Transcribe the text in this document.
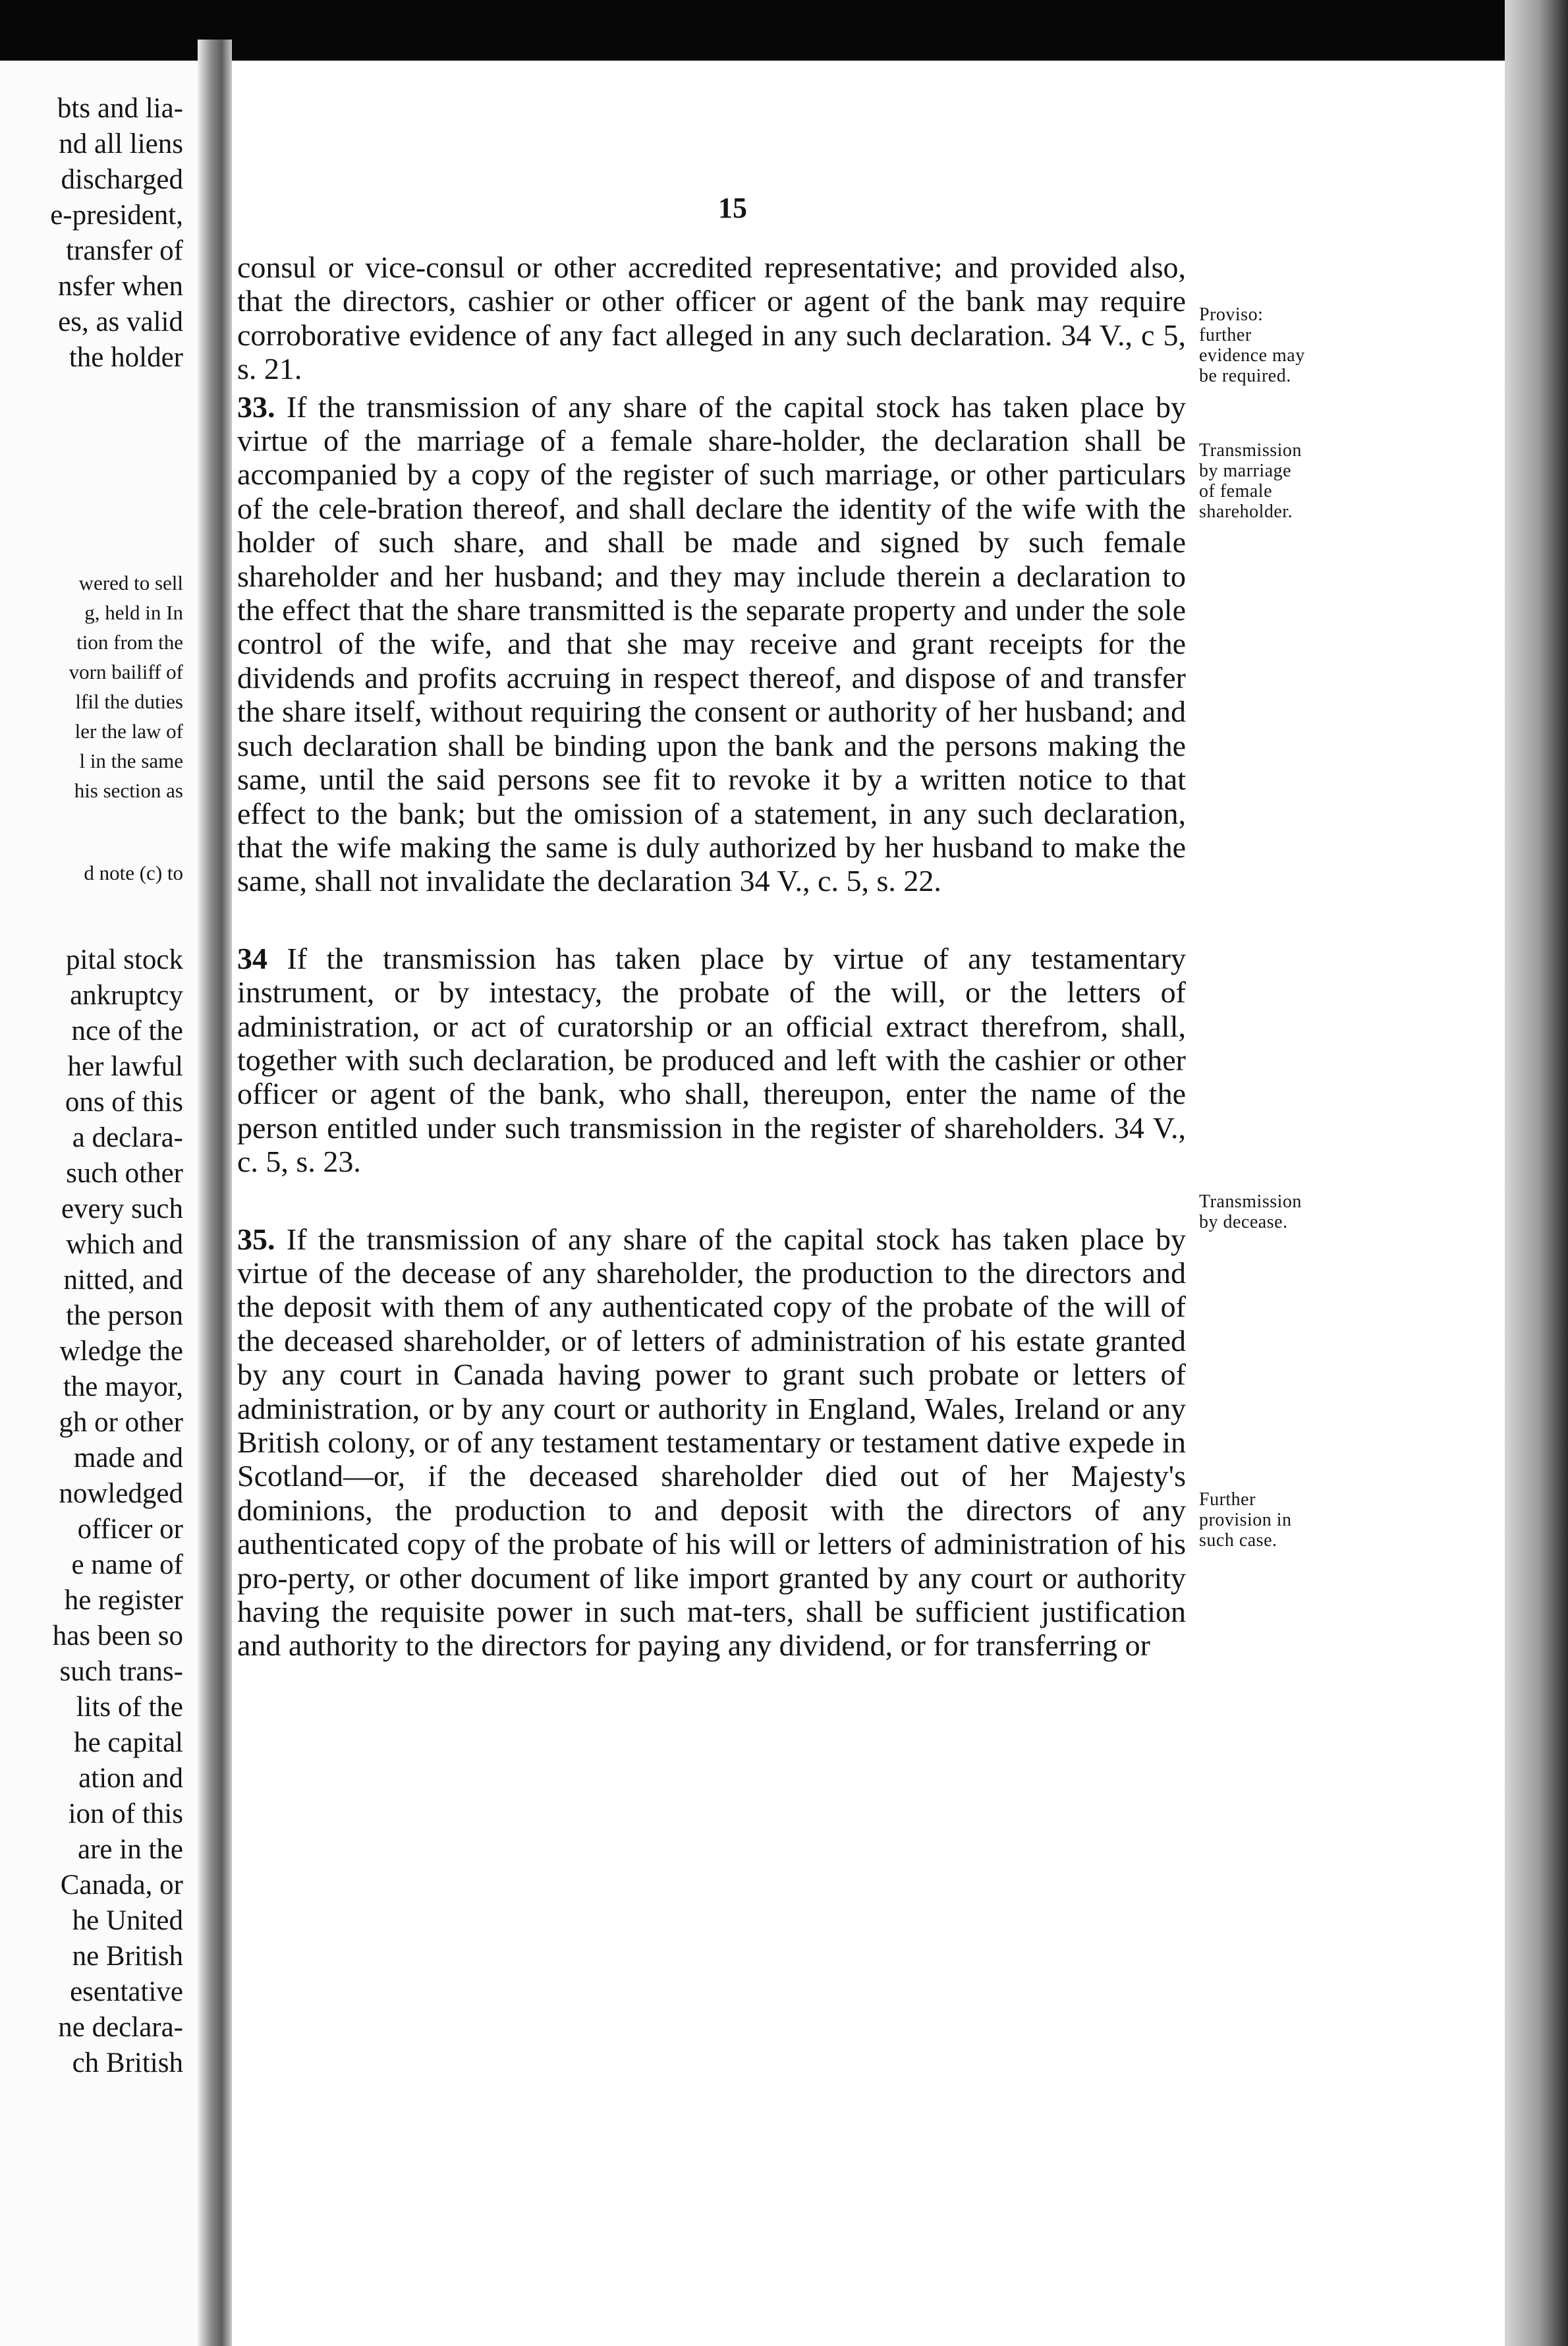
bts and lia-
nd all liens
discharged
e-president,
transfer of
nsfer when
es, as valid
the holder
wered to sell
g, held in In
tion from the
vorn bailiff of
lfil the duties
ler the law of
l in the same
his section as
d note (c) to
pital stock
ankruptcy
nce of the
her lawful
ons of this
a declara-
such other
every such
which and
nitted, and
the person
wledge the
the mayor,
gh or other
made and
nowledged
officer or
e name of
he register
has been so
such trans-
lits of the
he capital
ation and
ion of this
are in the
Canada, or
he United
ne British
esentative
ne declara-
ch British
15

consul or vice-consul or other accredited representative; and provided also, that the directors, cashier or other officer or agent of the bank may require corroborative evidence of any fact alleged in any such declaration. 34 V., c 5, s. 21.

33. If the transmission of any share of the capital stock has taken place by virtue of the marriage of a female share-holder, the declaration shall be accompanied by a copy of the register of such marriage, or other particulars of the cele-bration thereof, and shall declare the identity of the wife with the holder of such share, and shall be made and signed by such female shareholder and her husband; and they may include therein a declaration to the effect that the share transmitted is the separate property and under the sole control of the wife, and that she may receive and grant receipts for the dividends and profits accruing in respect thereof, and dispose of and transfer the share itself, without requiring the consent or authority of her husband; and such declaration shall be binding upon the bank and the persons making the same, until the said persons see fit to revoke it by a written notice to that effect to the bank; but the omission of a statement, in any such declaration, that the wife making the same is duly authorized by her husband to make the same, shall not invalidate the declaration 34 V., c. 5, s. 22.

34 If the transmission has taken place by virtue of any testamentary instrument, or by intestacy, the probate of the will, or the letters of administration, or act of curatorship or an official extract therefrom, shall, together with such declaration, be produced and left with the cashier or other officer or agent of the bank, who shall, thereupon, enter the name of the person entitled under such transmission in the register of shareholders. 34 V., c. 5, s. 23.

35. If the transmission of any share of the capital stock has taken place by virtue of the decease of any shareholder, the production to the directors and the deposit with them of any authenticated copy of the probate of the will of the deceased shareholder, or of letters of administration of his estate granted by any court in Canada having power to grant such probate or letters of administration, or by any court or authority in England, Wales, Ireland or any British colony, or of any testament testamentary or testament dative expede in Scotland—or, if the deceased shareholder died out of her Majesty's dominions, the production to and deposit with the directors of any authenticated copy of the probate of his will or letters of administration of his pro-perty, or other document of like import granted by any court or authority having the requisite power in such mat-ters, shall be sufficient justification and authority to the directors for paying any dividend, or for transferring or

Proviso:
further
evidence may
be required.
Transmission
by marriage
of female
shareholder.
Transmission
by decease.
Further
provision in
such case.
